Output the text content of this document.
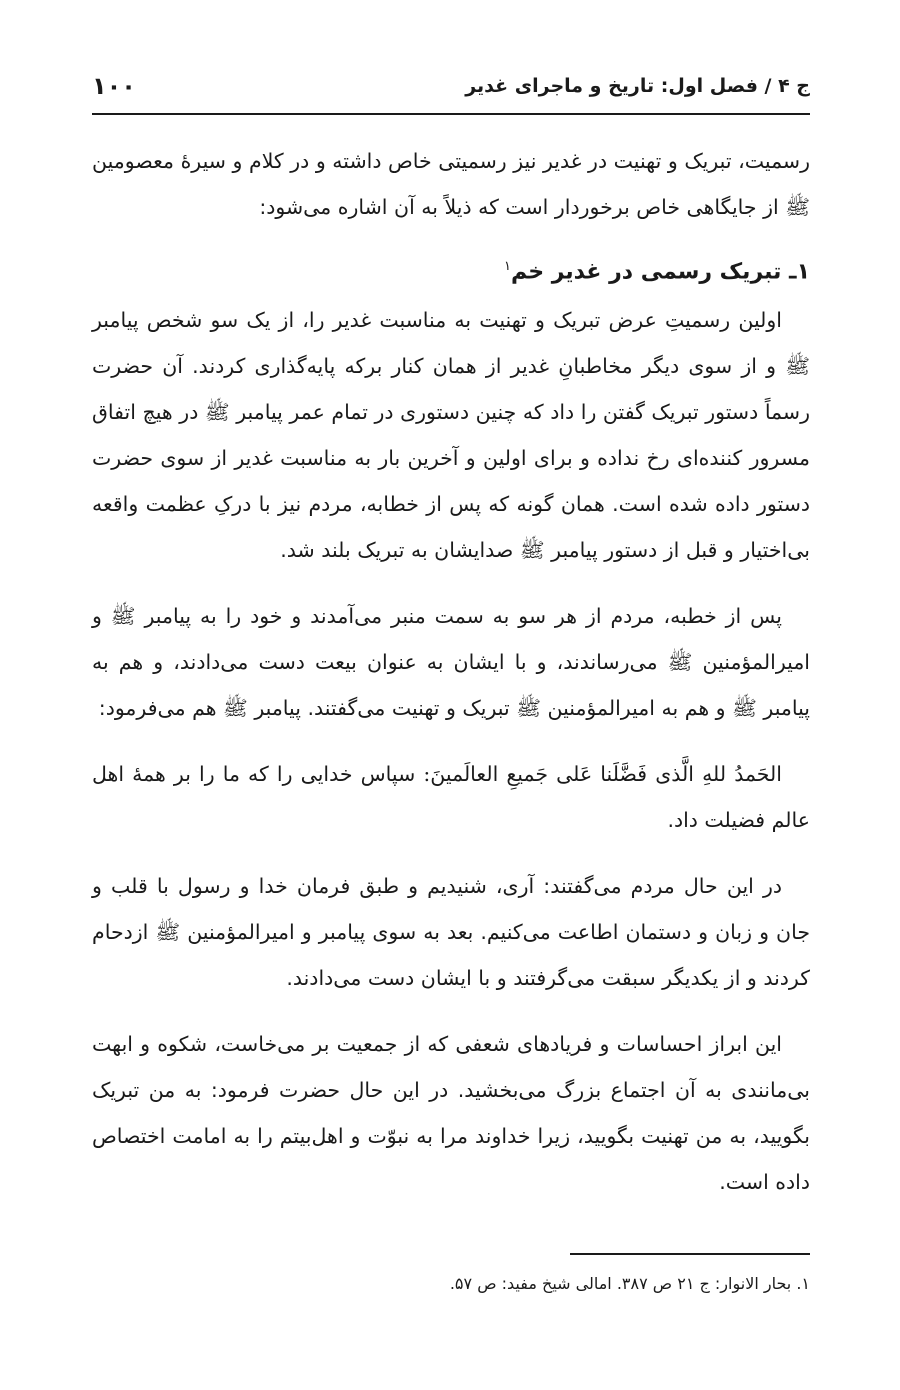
ج ۴ / فصل اول: تاریخ و ماجرای غدیر
۱۰۰

رسمیت، تبریک و تهنیت در غدیر نیز رسمیتی خاص داشته و در کلام و سیرهٔ معصومین ﷺ از جایگاهی خاص برخوردار است که ذیلاً به آن اشاره می‌شود:

۱ـ تبریک رسمی در غدیر خم$^۱$

اولین رسمیتِ عرض تبریک و تهنیت به مناسبت غدیر را، از یک سو شخص پیامبر ﷺ و از سوی دیگر مخاطبانِ غدیر از همان کنار برکه پایه‌گذاری کردند. آن حضرت رسماً دستور تبریک گفتن را داد که چنین دستوری در تمام عمر پیامبر ﷺ در هیچ اتفاق مسرور کننده‌ای رخ نداده و برای اولین و آخرین بار به مناسبت غدیر از سوی حضرت دستور داده شده است. همان گونه که پس از خطابه، مردم نیز با درکِ عظمت واقعه بی‌اختیار و قبل از دستور پیامبر ﷺ صدایشان به تبریک بلند شد.

پس از خطبه، مردم از هر سو به سمت منبر می‌آمدند و خود را به پیامبر ﷺ و امیرالمؤمنین ﷺ می‌رساندند، و با ایشان به عنوان بیعت دست می‌دادند، و هم به پیامبر ﷺ و هم به امیرالمؤمنین ﷺ تبریک و تهنیت می‌گفتند. پیامبر ﷺ هم می‌فرمود:

الحَمدُ للهِ الَّذی فَضَّلَنا عَلی جَمیعِ العالَمینَ: سپاس خدایی را که ما را بر همهٔ اهل عالم فضیلت داد.

در این حال مردم می‌گفتند: آری، شنیدیم و طبق فرمان خدا و رسول با قلب و جان و زبان و دستمان اطاعت می‌کنیم. بعد به سوی پیامبر و امیرالمؤمنین ﷺ ازدحام کردند و از یکدیگر سبقت می‌گرفتند و با ایشان دست می‌دادند.

این ابراز احساسات و فریادهای شعفی که از جمعیت بر می‌خاست، شکوه و ابهت بی‌مانندی به آن اجتماع بزرگ می‌بخشید. در این حال حضرت فرمود: به من تبریک بگویید، به من تهنیت بگویید، زیرا خداوند مرا به نبوّت و اهل‌بیتم را به امامت اختصاص داده است.

۱. بحار الانوار: ج ۲۱ ص ۳۸۷. امالی شیخ مفید: ص ۵۷.
